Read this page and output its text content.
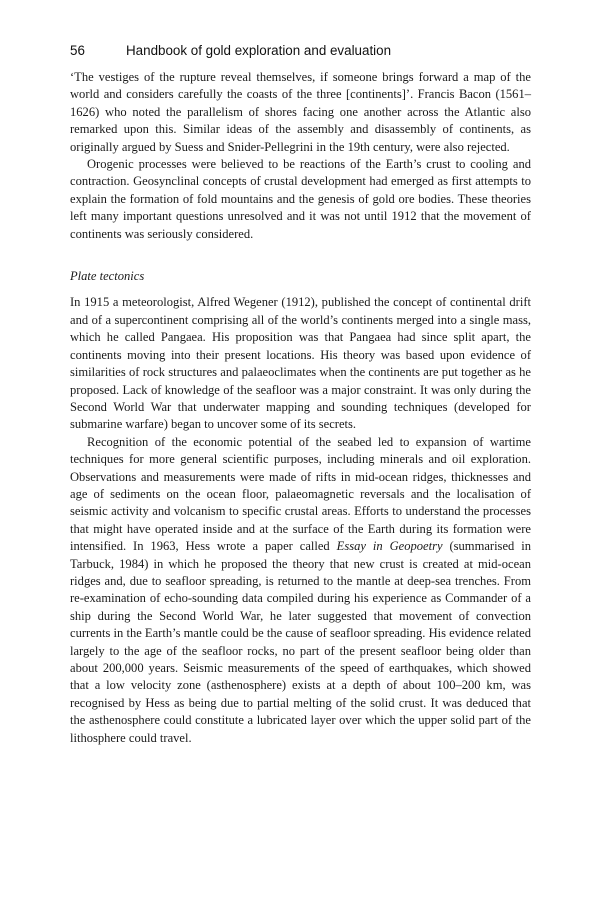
56	Handbook of gold exploration and evaluation

‘The vestiges of the rupture reveal themselves, if someone brings forward a map of the world and considers carefully the coasts of the three [continents]’. Francis Bacon (1561–1626) who noted the parallelism of shores facing one another across the Atlantic also remarked upon this. Similar ideas of the assembly and disassembly of continents, as originally argued by Suess and Snider-Pellegrini in the 19th century, were also rejected.

Orogenic processes were believed to be reactions of the Earth’s crust to cooling and contraction. Geosynclinal concepts of crustal development had emerged as first attempts to explain the formation of fold mountains and the genesis of gold ore bodies. These theories left many important questions unresolved and it was not until 1912 that the movement of continents was seriously considered.

Plate tectonics

In 1915 a meteorologist, Alfred Wegener (1912), published the concept of continental drift and of a supercontinent comprising all of the world’s continents merged into a single mass, which he called Pangaea. His proposition was that Pangaea had since split apart, the continents moving into their present locations. His theory was based upon evidence of similarities of rock structures and palaeoclimates when the continents are put together as he proposed. Lack of knowledge of the seafloor was a major constraint. It was only during the Second World War that underwater mapping and sounding techniques (developed for submarine warfare) began to uncover some of its secrets.

Recognition of the economic potential of the seabed led to expansion of wartime techniques for more general scientific purposes, including minerals and oil exploration. Observations and measurements were made of rifts in mid-ocean ridges, thicknesses and age of sediments on the ocean floor, palaeomagnetic reversals and the localisation of seismic activity and volcanism to specific crustal areas. Efforts to understand the processes that might have operated inside and at the surface of the Earth during its formation were intensified. In 1963, Hess wrote a paper called Essay in Geopoetry (summarised in Tarbuck, 1984) in which he proposed the theory that new crust is created at mid-ocean ridges and, due to seafloor spreading, is returned to the mantle at deep-sea trenches. From re-examination of echo-sounding data compiled during his experience as Commander of a ship during the Second World War, he later suggested that movement of convection currents in the Earth’s mantle could be the cause of seafloor spreading. His evidence related largely to the age of the seafloor rocks, no part of the present seafloor being older than about 200,000 years. Seismic measurements of the speed of earthquakes, which showed that a low velocity zone (asthenosphere) exists at a depth of about 100–200 km, was recognised by Hess as being due to partial melting of the solid crust. It was deduced that the asthenosphere could constitute a lubricated layer over which the upper solid part of the lithosphere could travel.
